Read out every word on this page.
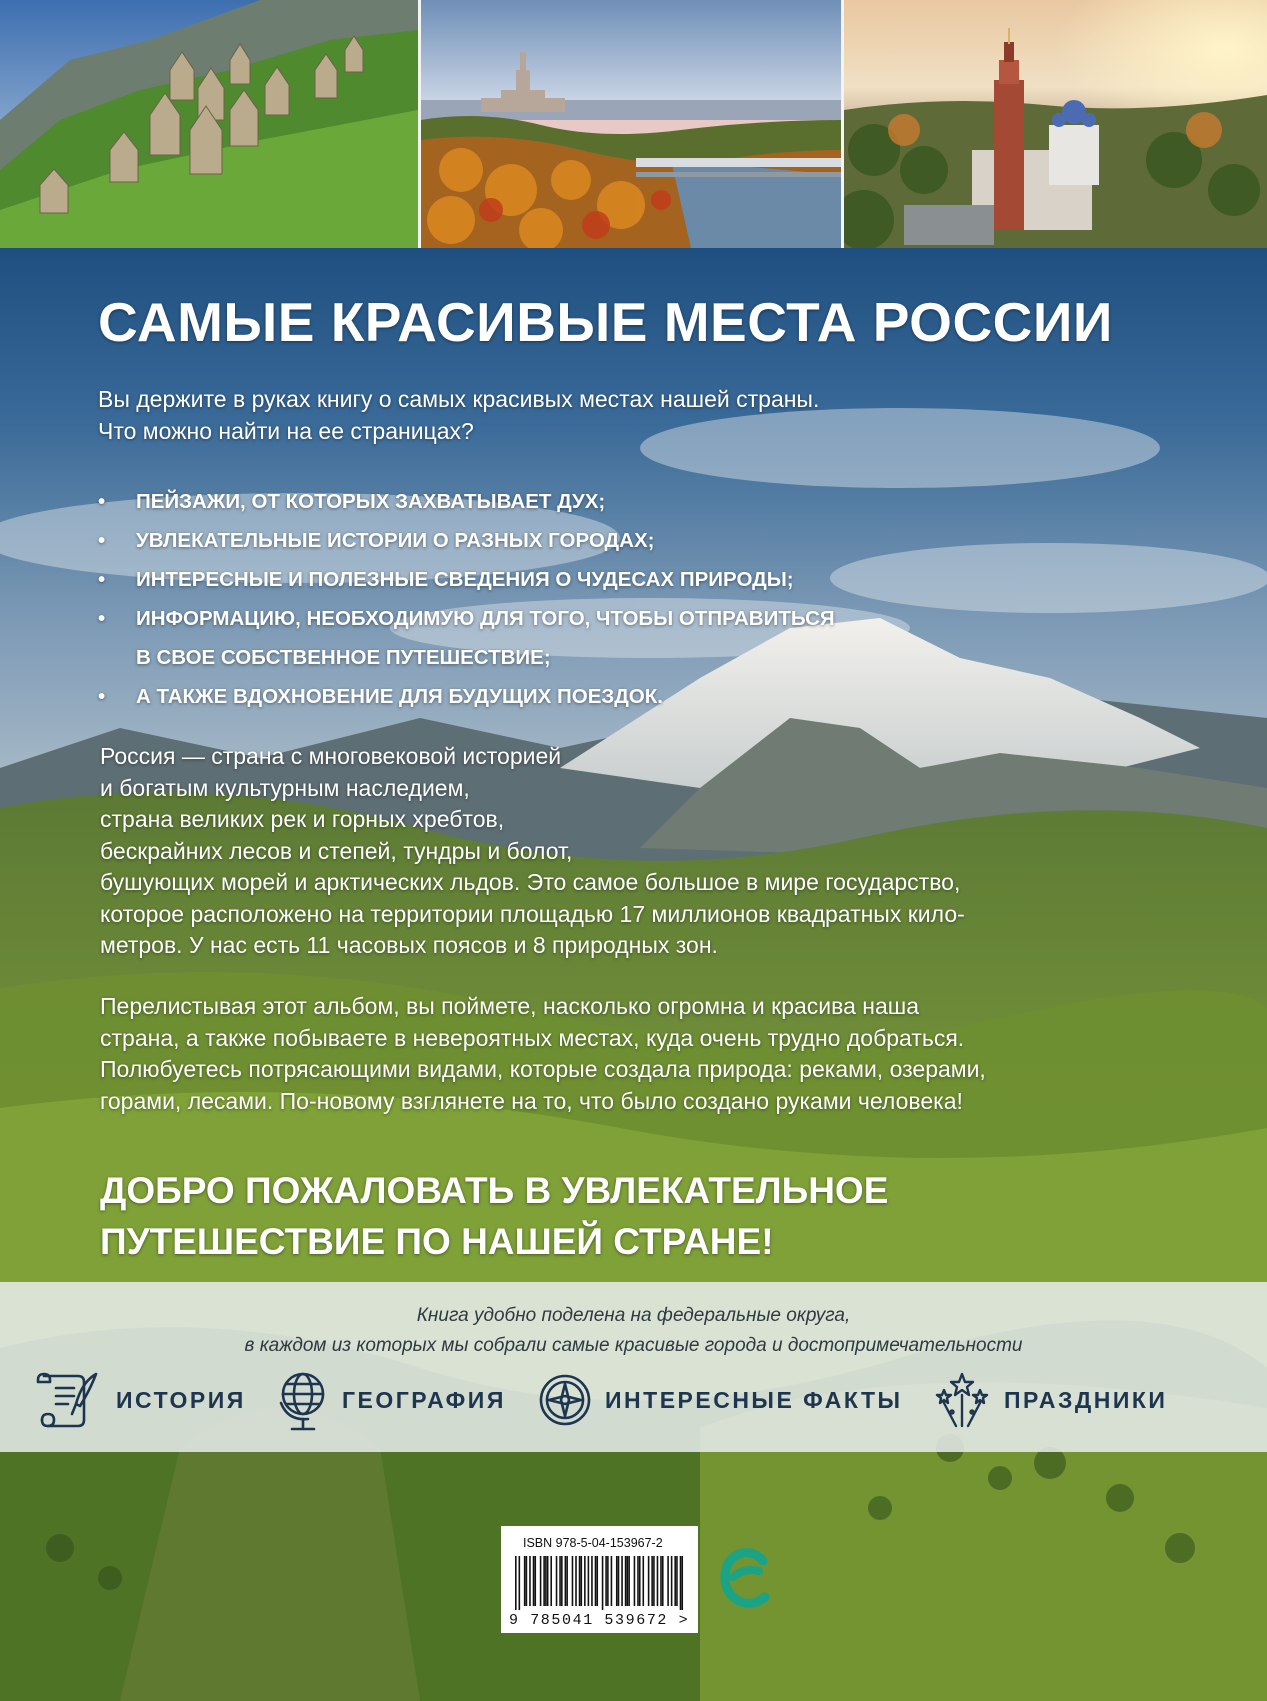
САМЫЕ КРАСИВЫЕ МЕСТА РОССИИ
Вы держите в руках книгу о самых красивых местах нашей страны.
Что можно найти на ее страницах?
• ПЕЙЗАЖИ, ОТ КОТОРЫХ ЗАХВАТЫВАЕТ ДУХ;
• УВЛЕКАТЕЛЬНЫЕ ИСТОРИИ О РАЗНЫХ ГОРОДАХ;
• ИНТЕРЕСНЫЕ И ПОЛЕЗНЫЕ СВЕДЕНИЯ О ЧУДЕСАХ ПРИРОДЫ;
• ИНФОРМАЦИЮ, НЕОБХОДИМУЮ ДЛЯ ТОГО, ЧТОБЫ ОТПРАВИТЬСЯ
В СВОЕ СОБСТВЕННОЕ ПУТЕШЕСТВИЕ;
• А ТАКЖЕ ВДОХНОВЕНИЕ ДЛЯ БУДУЩИХ ПОЕЗДОК.
Россия — страна с многовековой историей
и богатым культурным наследием,
страна великих рек и горных хребтов,
бескрайних лесов и степей, тундры и болот,
бушующих морей и арктических льдов. Это самое большое в мире государство,
которое расположено на территории площадью 17 миллионов квадратных кило-
метров. У нас есть 11 часовых поясов и 8 природных зон.
Перелистывая этот альбом, вы поймете, насколько огромна и красива наша
страна, а также побываете в невероятных местах, куда очень трудно добраться.
Полюбуетесь потрясающими видами, которые создала природа: реками, озерами,
горами, лесами. По-новому взглянете на то, что было создано руками человека!
ДОБРО ПОЖАЛОВАТЬ В УВЛЕКАТЕЛЬНОЕ
ПУТЕШЕСТВИЕ ПО НАШЕЙ СТРАНЕ!
Книга удобно поделена на федеральные округа,
в каждом из которых мы собрали самые красивые города и достопримечательности
ИСТОРИЯ	ГЕОГРАФИЯ	ИНТЕРЕСНЫЕ ФАКТЫ	ПРАЗДНИКИ
ISBN 978-5-04-153967-2
9 785041 539672 >
